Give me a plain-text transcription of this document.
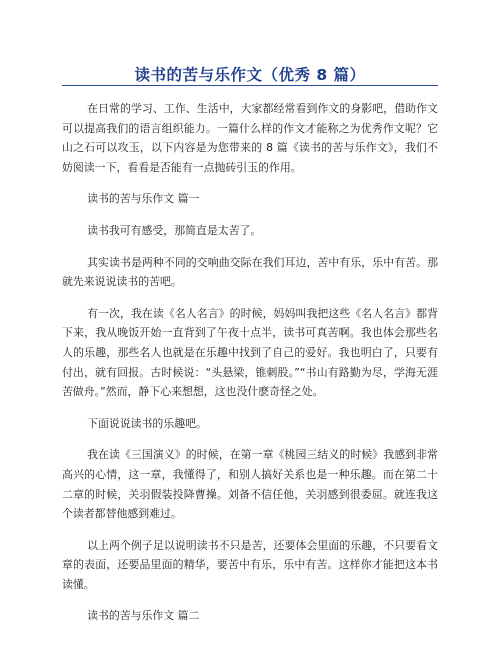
读书的苦与乐作文（优秀 8 篇）

在日常的学习、工作、生活中，大家都经常看到作文的身影吧，借助作文可以提高我们的语言组织能力。一篇什么样的作文才能称之为优秀作文呢？它山之石可以攻玉，以下内容是为您带来的 8 篇《读书的苦与乐作文》，我们不妨阅读一下，看看是否能有一点抛砖引玉的作用。

读书的苦与乐作文 篇一

读书我可有感受，那简直是太苦了。

其实读书是两种不同的交响曲交际在我们耳边，苦中有乐，乐中有苦。那就先来说说读书的苦吧。

有一次，我在读《名人名言》的时候，妈妈叫我把这些《名人名言》都背下来，我从晚饭开始一直背到了午夜十点半，读书可真苦啊。我也体会那些名人的乐趣，那些名人也就是在乐趣中找到了自己的爱好。我也明白了，只要有付出，就有回报。古时候说：“头悬梁，锥刺股。”“书山有路勤为尽，学海无涯苦做舟。”然而，静下心来想想，这也没什麽奇怪之处。

下面说说读书的乐趣吧。

我在读《三国演义》的时候，在第一章《桃园三结义的时候》我感到非常高兴的心情，这一章，我懂得了，和别人搞好关系也是一种乐趣。而在第二十二章的时候，关羽假装投降曹操。刘备不信任他，关羽感到很委屈。就连我这个读者都替他感到难过。

以上两个例子足以说明读书不只是苦，还要体会里面的乐趣，不只要看文章的表面，还要品里面的精华，要苦中有乐，乐中有苦。这样你才能把这本书读懂。

读书的苦与乐作文 篇二
